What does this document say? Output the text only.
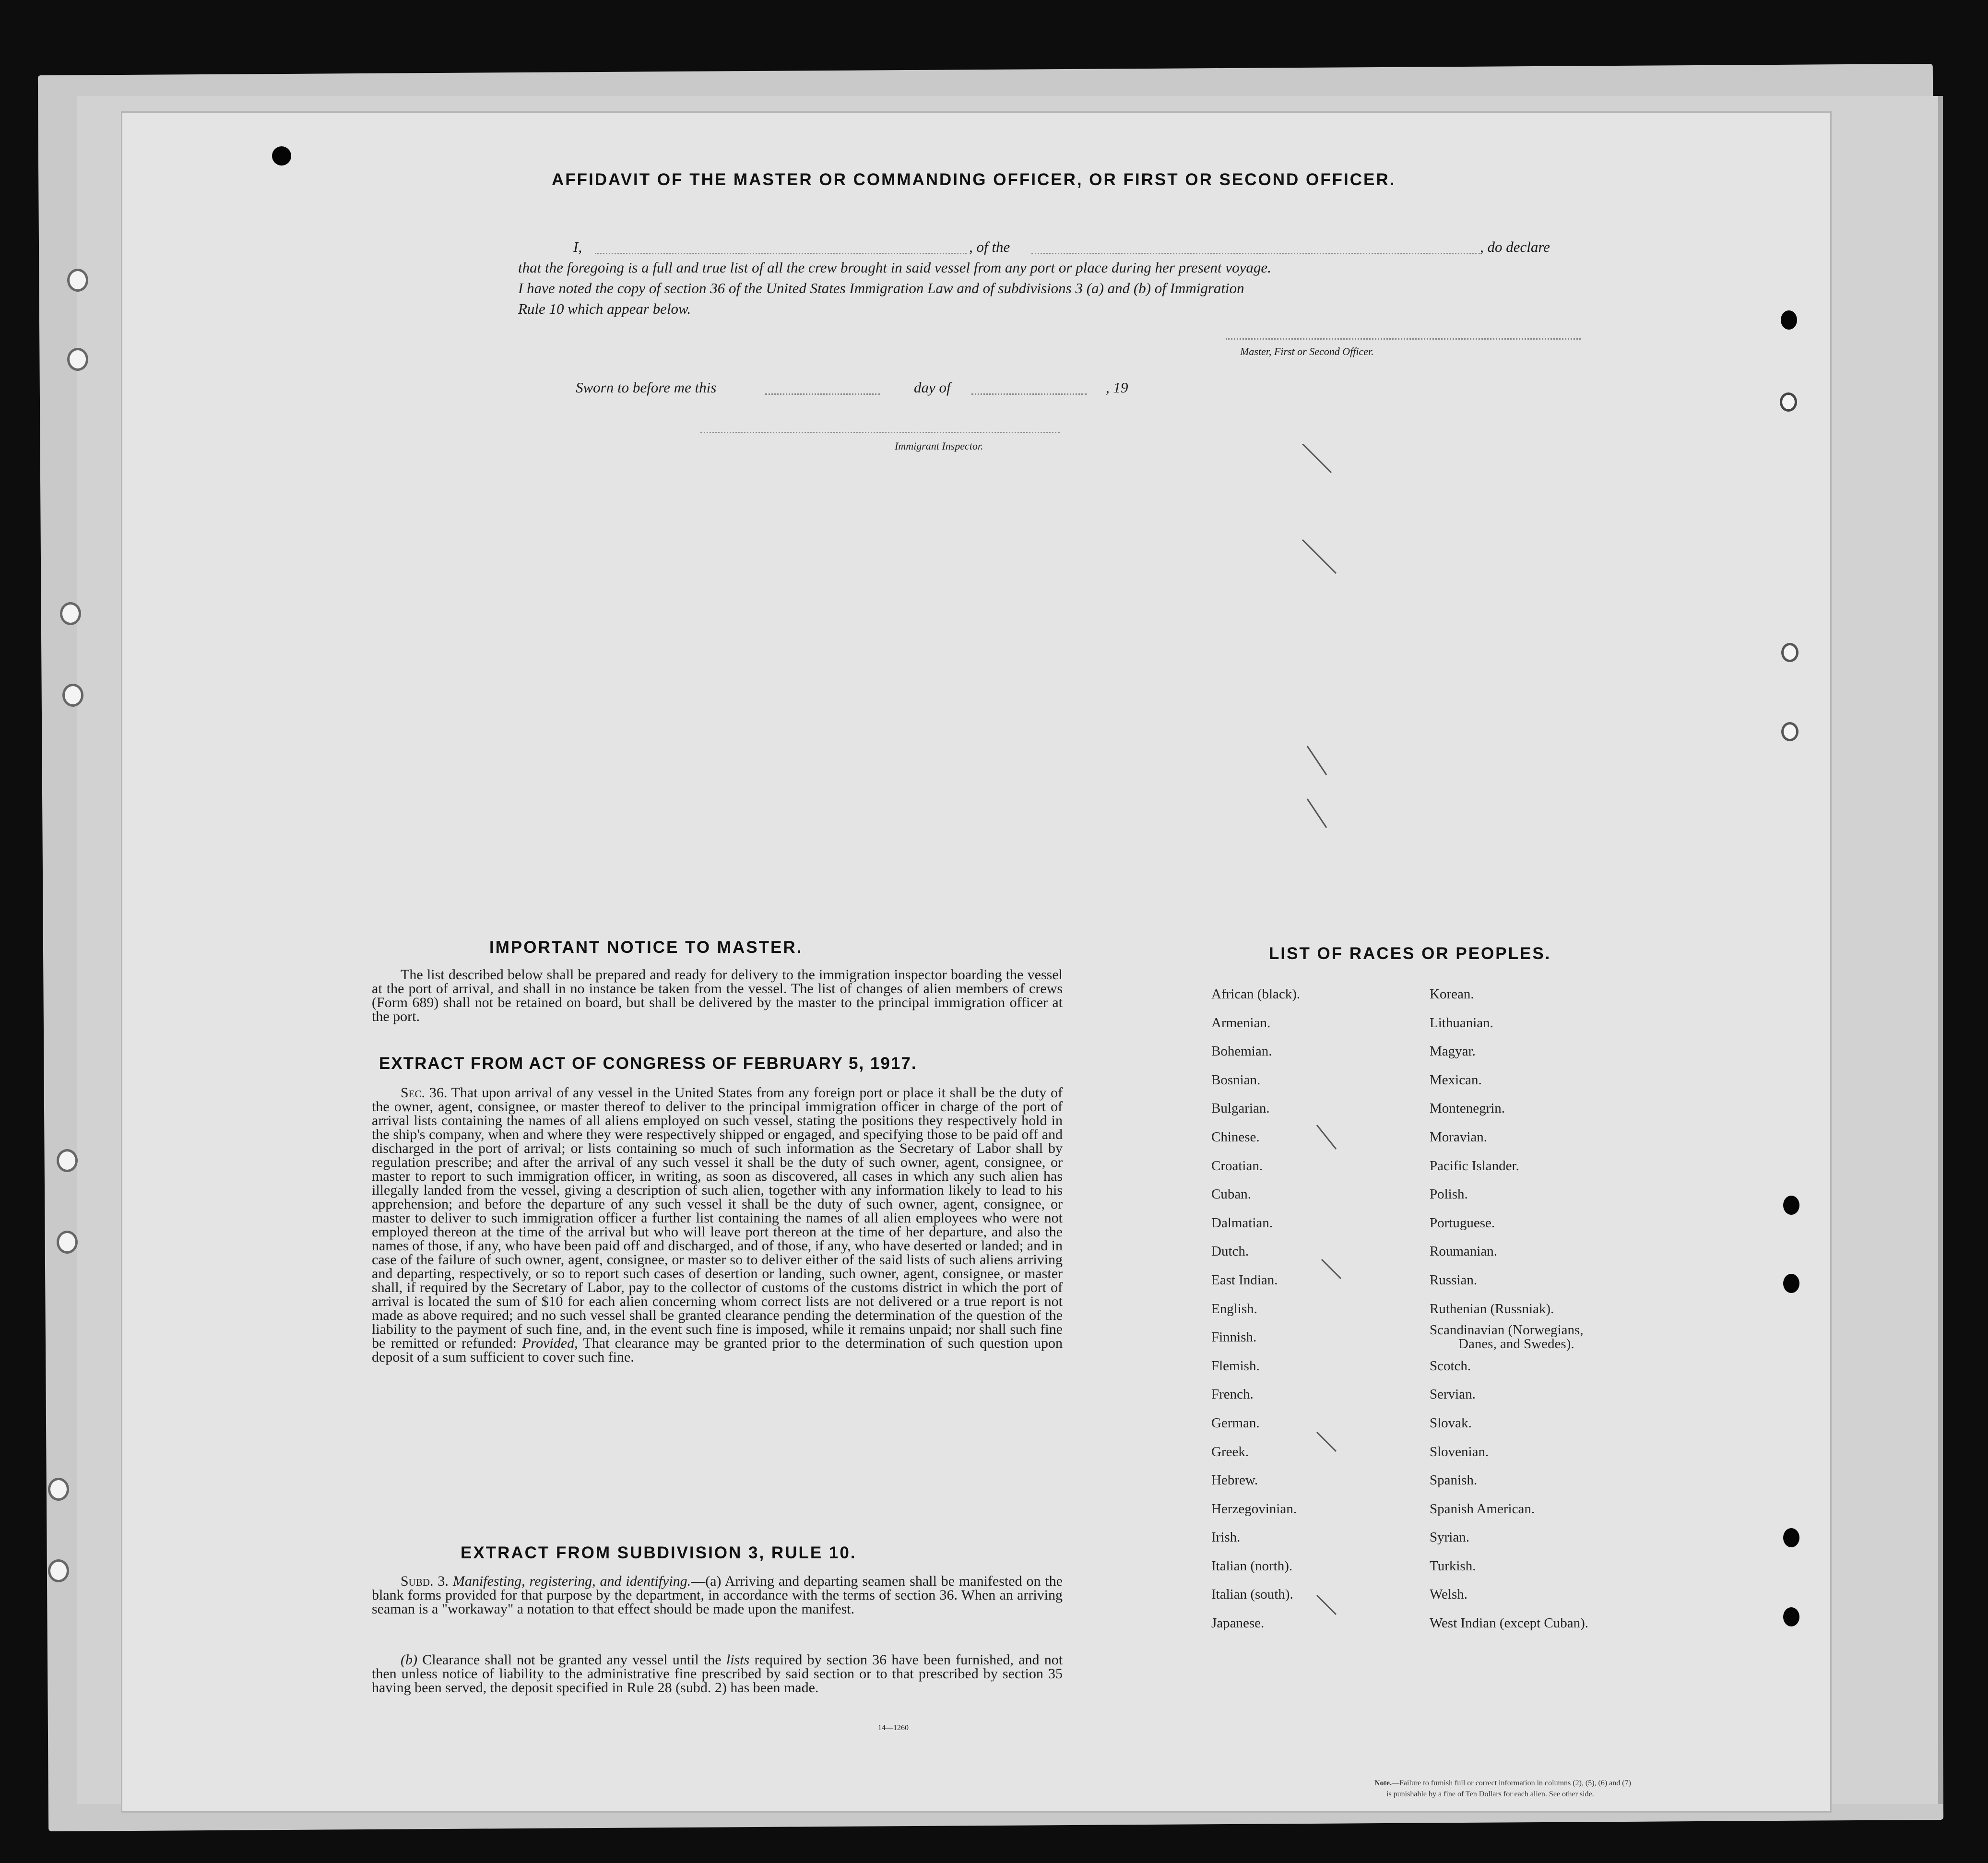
AFFIDAVIT OF THE MASTER OR COMMANDING OFFICER, OR FIRST OR SECOND OFFICER.
I,	, of the	, do declare
that the foregoing is a full and true list of all the crew brought in said vessel from any port or place during her present voyage.
I have noted the copy of section 36 of the United States Immigration Law and of subdivisions 3 (a) and (b) of Immigration
Rule 10 which appear below.
Master, First or Second Officer.
Sworn to before me this	day of	, 19
Immigrant Inspector.
IMPORTANT NOTICE TO MASTER.
The list described below shall be prepared and ready for delivery to the immigration inspector boarding the vessel at the port of arrival, and shall in no instance be taken from the vessel. The list of changes of alien members of crews (Form 689) shall not be retained on board, but shall be delivered by the master to the principal immigration officer at the port.
EXTRACT FROM ACT OF CONGRESS OF FEBRUARY 5, 1917.
Sec. 36. That upon arrival of any vessel in the United States from any foreign port or place it shall be the duty of the owner, agent, consignee, or master thereof to deliver to the principal immigration officer in charge of the port of arrival lists containing the names of all aliens employed on such vessel, stating the positions they respectively hold in the ship's company, when and where they were respectively shipped or engaged, and specifying those to be paid off and discharged in the port of arrival; or lists containing so much of such information as the Secretary of Labor shall by regulation prescribe; and after the arrival of any such vessel it shall be the duty of such owner, agent, consignee, or master to report to such immigration officer, in writing, as soon as discovered, all cases in which any such alien has illegally landed from the vessel, giving a description of such alien, together with any information likely to lead to his apprehension; and before the departure of any such vessel it shall be the duty of such owner, agent, consignee, or master to deliver to such immigration officer a further list containing the names of all alien employees who were not employed thereon at the time of the arrival but who will leave port thereon at the time of her departure, and also the names of those, if any, who have been paid off and discharged, and of those, if any, who have deserted or landed; and in case of the failure of such owner, agent, consignee, or master so to deliver either of the said lists of such aliens arriving and departing, respectively, or so to report such cases of desertion or landing, such owner, agent, consignee, or master shall, if required by the Secretary of Labor, pay to the collector of customs of the customs district in which the port of arrival is located the sum of $10 for each alien concerning whom correct lists are not delivered or a true report is not made as above required; and no such vessel shall be granted clearance pending the determination of the question of the liability to the payment of such fine, and, in the event such fine is imposed, while it remains unpaid; nor shall such fine be remitted or refunded: Provided, That clearance may be granted prior to the determination of such question upon deposit of a sum sufficient to cover such fine.
EXTRACT FROM SUBDIVISION 3, RULE 10.
Subd. 3. Manifesting, registering, and identifying.—(a) Arriving and departing seamen shall be manifested on the blank forms provided for that purpose by the department, in accordance with the terms of section 36. When an arriving seaman is a "workaway" a notation to that effect should be made upon the manifest.
(b) Clearance shall not be granted any vessel until the lists required by section 36 have been furnished, and not then unless notice of liability to the administrative fine prescribed by said section or to that prescribed by section 35 having been served, the deposit specified in Rule 28 (subd. 2) has been made.
14—1260
LIST OF RACES OR PEOPLES.
African (black).
Armenian.
Bohemian.
Bosnian.
Bulgarian.
Chinese.
Croatian.
Cuban.
Dalmatian.
Dutch.
East Indian.
English.
Finnish.
Flemish.
French.
German.
Greek.
Hebrew.
Herzegovinian.
Irish.
Italian (north).
Italian (south).
Japanese.
Korean.
Lithuanian.
Magyar.
Mexican.
Montenegrin.
Moravian.
Pacific Islander.
Polish.
Portuguese.
Roumanian.
Russian.
Ruthenian (Russniak).
Scandinavian (Norwegians,
Danes, and Swedes).
Scotch.
Servian.
Slovak.
Slovenian.
Spanish.
Spanish American.
Syrian.
Turkish.
Welsh.
West Indian (except Cuban).
Note.—Failure to furnish full or correct information in columns (2), (5), (6) and (7)
is punishable by a fine of Ten Dollars for each alien. See other side.
